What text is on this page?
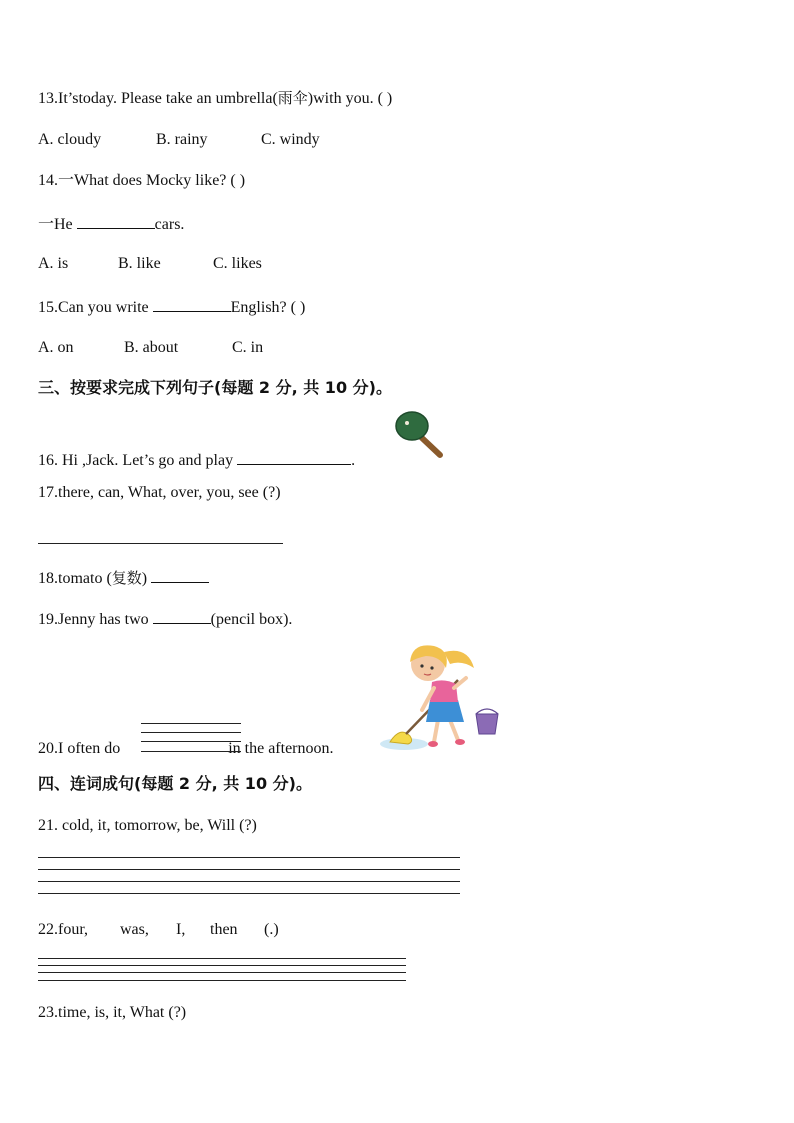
13.It’stoday. Please take an umbrella(雨伞)with you. ( )
A. cloudy	B. rainy	C. windy
14.一What does Mocky like? ( )
一He	cars.
A. is	B. like	C. likes
15.Can you write	English? ( )
A. on	B. about	C. in
三、按要求完成下列句子(每题 2 分, 共 10 分)。
16. Hi ,Jack. Let’s go and play	.
17.there, can, What, over, you, see (?)
18.tomato (复数)
19.Jenny has two	(pencil box).
20.I often do	in the afternoon.
四、连词成句(每题 2 分, 共 10 分)。
21. cold, it, tomorrow, be, Will (?)
22.four, was, I, then (.)
23.time, is, it, What (?)
